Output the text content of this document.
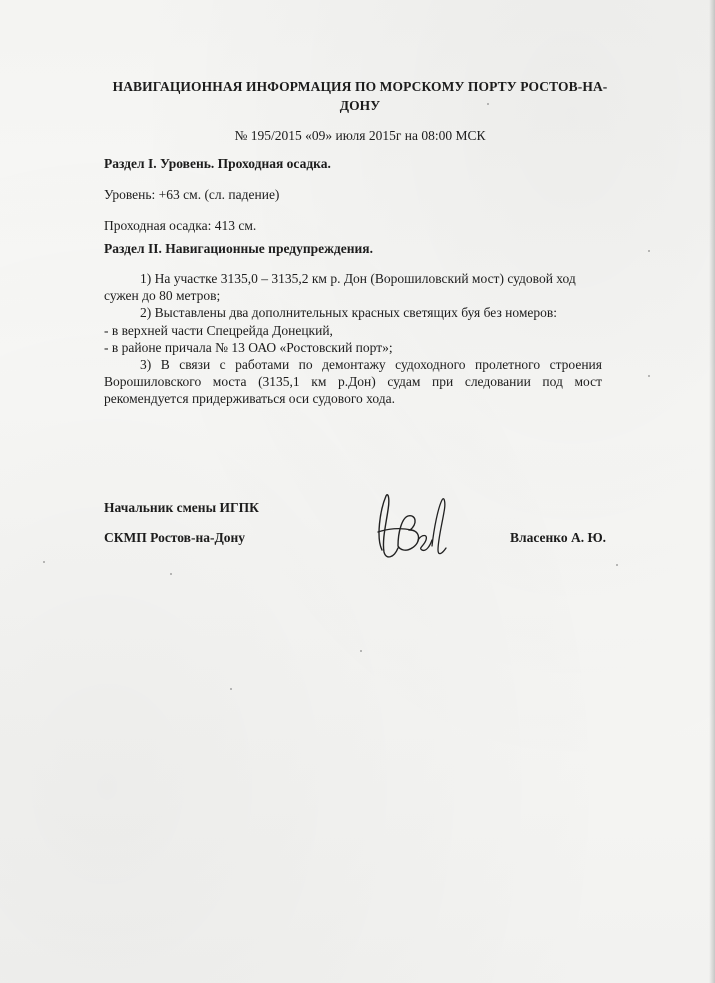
НАВИГАЦИОННАЯ ИНФОРМАЦИЯ ПО МОРСКОМУ ПОРТУ РОСТОВ-НА-
ДОНУ
№ 195/2015 «09» июля 2015г на 08:00 МСК
Раздел I. Уровень. Проходная осадка.
Уровень: +63 см. (сл. падение)
Проходная осадка: 413 см.
Раздел II. Навигационные предупреждения.
1) На участке 3135,0 – 3135,2 км р. Дон (Ворошиловский мост) судовой ход сужен до 80 метров;
2) Выставлены два дополнительных красных светящих буя без номеров:
- в верхней части Спецрейда Донецкий,
- в районе причала № 13 ОАО «Ростовский порт»;
3) В связи с работами по демонтажу судоходного пролетного строения Ворошиловского моста (3135,1 км р.Дон) судам при следовании под мост рекомендуется придерживаться оси судового хода.
Начальник смены ИГПК
СКМП Ростов-на-Дону	Власенко А. Ю.
